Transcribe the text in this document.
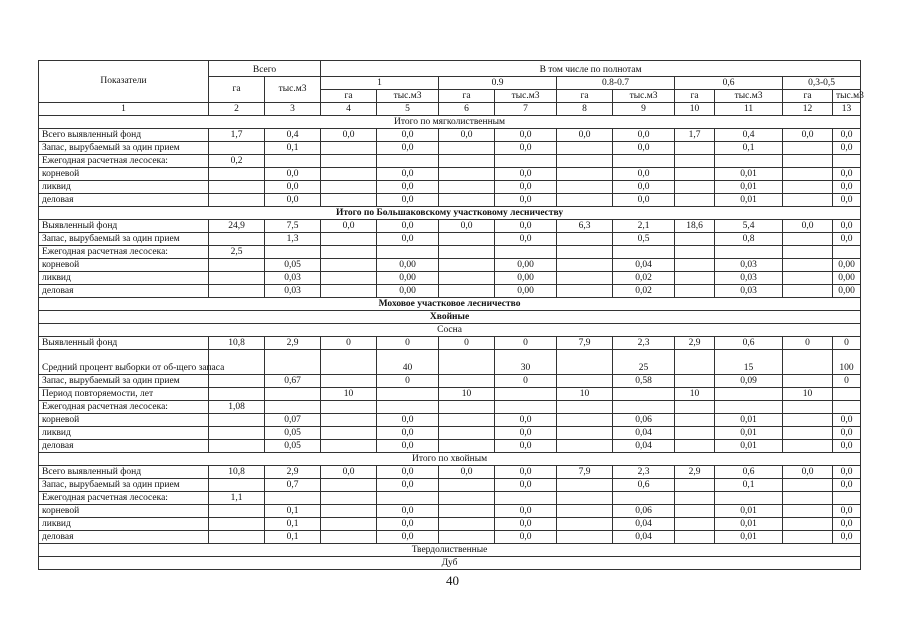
Показатели	Всего		В том числе по полнотам									
	га	тыс.м3	1		0.9		0.8-0.7		0,6		0,3-0,5	
			га	тыс.м3	га	тыс.м3	га	тыс.м3	га	тыс.м3	га	тыс.м3
1	2	3	4	5	6	7	8	9	10	11	12	13
Итого по мягколиственным												
Всего выявленный фонд	1,7	0,4	0,0	0,0	0,0	0,0	0,0	0,0	1,7	0,4	0,0	0,0
Запас, вырубаемый за один прием		0,1		0,0		0,0		0,0		0,1		0,0
Ежегодная расчетная лесосека:	0,2											
корневой		0,0		0,0		0,0		0,0		0,01		0,0
ликвид		0,0		0,0		0,0		0,0		0,01		0,0
деловая		0,0		0,0		0,0		0,0		0,01		0,0
Итого по Большаковскому участковому лесничеству												
Выявленный фонд	24,9	7,5	0,0	0,0	0,0	0,0	6,3	2,1	18,6	5,4	0,0	0,0
Запас, вырубаемый за один прием		1,3		0,0		0,0		0,5		0,8		0,0
Ежегодная расчетная лесосека:	2,5											
корневой		0,05		0,00		0,00		0,04		0,03		0,00
ликвид		0,03		0,00		0,00		0,02		0,03		0,00
деловая		0,03		0,00		0,00		0,02		0,03		0,00
Моховое участковое лесничество												
Хвойные												
Сосна												
Выявленный фонд	10,8	2,9	0	0	0	0	7,9	2,3	2,9	0,6	0	0
Средний процент выборки от об-щего запаса				40		30		25		15		100
Запас, вырубаемый за один прием		0,67		0		0		0,58		0,09		0
Период повторяемости, лет			10		10		10		10		10	
Ежегодная расчетная лесосека:	1,08											
корневой		0,07		0,0		0,0		0,06		0,01		0,0
ликвид		0,05		0,0		0,0		0,04		0,01		0,0
деловая		0,05		0,0		0,0		0,04		0,01		0,0
Итого по хвойным												
Всего выявленный фонд	10,8	2,9	0,0	0,0	0,0	0,0	7,9	2,3	2,9	0,6	0,0	0,0
Запас, вырубаемый за один прием		0,7		0,0		0,0		0,6		0,1		0,0
Ежегодная расчетная лесосека:	1,1											
корневой		0,1		0,0		0,0		0,06		0,01		0,0
ликвид		0,1		0,0		0,0		0,04		0,01		0,0
деловая		0,1		0,0		0,0		0,04		0,01		0,0
Твердолиственные												
Дуб												
40
